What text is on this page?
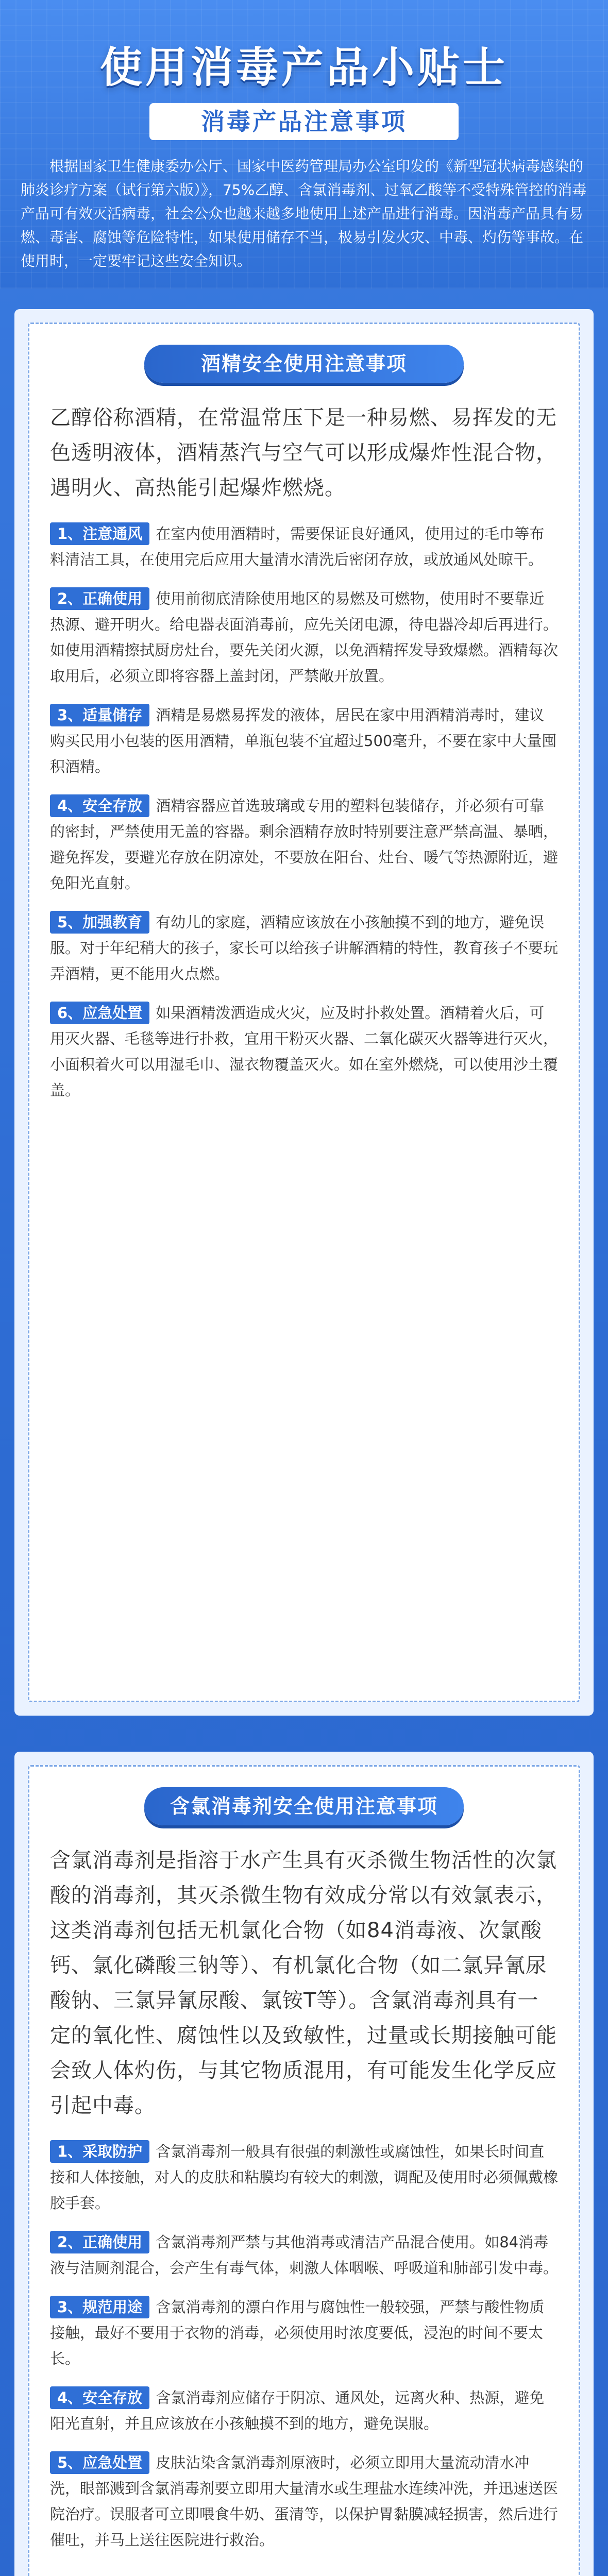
使用消毒产品小贴士
消毒产品注意事项
根据国家卫生健康委办公厅、国家中医药管理局办公室印发的《新型冠状病毒感染的肺炎诊疗方案（试行第六版）》，75%乙醇、含氯消毒剂、过氧乙酸等不受特殊管控的消毒产品可有效灭活病毒，社会公众也越来越多地使用上述产品进行消毒。因消毒产品具有易燃、毒害、腐蚀等危险特性，如果使用储存不当，极易引发火灾、中毒、灼伤等事故。在使用时，一定要牢记这些安全知识。
酒精安全使用注意事项
乙醇俗称酒精，在常温常压下是一种易燃、易挥发的无色透明液体，酒精蒸汽与空气可以形成爆炸性混合物，遇明火、高热能引起爆炸燃烧。
1、注意通风 在室内使用酒精时，需要保证良好通风，使用过的毛巾等布料清洁工具，在使用完后应用大量清水清洗后密闭存放，或放通风处晾干。
2、正确使用 使用前彻底清除使用地区的易燃及可燃物，使用时不要靠近热源、避开明火。给电器表面消毒前，应先关闭电源，待电器冷却后再进行。如使用酒精擦拭厨房灶台，要先关闭火源，以免酒精挥发导致爆燃。酒精每次取用后，必须立即将容器上盖封闭，严禁敞开放置。
3、适量储存 酒精是易燃易挥发的液体，居民在家中用酒精消毒时，建议购买民用小包装的医用酒精，单瓶包装不宜超过500毫升，不要在家中大量囤积酒精。
4、安全存放 酒精容器应首选玻璃或专用的塑料包装储存，并必须有可靠的密封，严禁使用无盖的容器。剩余酒精存放时特别要注意严禁高温、暴晒，避免挥发，要避光存放在阴凉处，不要放在阳台、灶台、暖气等热源附近，避免阳光直射。
5、加强教育 有幼儿的家庭，酒精应该放在小孩触摸不到的地方，避免误服。对于年纪稍大的孩子，家长可以给孩子讲解酒精的特性，教育孩子不要玩弄酒精，更不能用火点燃。
6、应急处置 如果酒精泼洒造成火灾，应及时扑救处置。酒精着火后，可用灭火器、毛毯等进行扑救，宜用干粉灭火器、二氧化碳灭火器等进行灭火，小面积着火可以用湿毛巾、湿衣物覆盖灭火。如在室外燃烧，可以使用沙土覆盖。
含氯消毒剂安全使用注意事项
含氯消毒剂是指溶于水产生具有灭杀微生物活性的次氯酸的消毒剂，其灭杀微生物有效成分常以有效氯表示，这类消毒剂包括无机氯化合物（如84消毒液、次氯酸钙、氯化磷酸三钠等）、有机氯化合物（如二氯异氰尿酸钠、三氯异氰尿酸、氯铵T等）。含氯消毒剂具有一定的氧化性、腐蚀性以及致敏性，过量或长期接触可能会致人体灼伤，与其它物质混用，有可能发生化学反应引起中毒。
1、采取防护 含氯消毒剂一般具有很强的刺激性或腐蚀性，如果长时间直接和人体接触，对人的皮肤和粘膜均有较大的刺激，调配及使用时必须佩戴橡胶手套。
2、正确使用 含氯消毒剂严禁与其他消毒或清洁产品混合使用。如84消毒液与洁厕剂混合，会产生有毒气体，刺激人体咽喉、呼吸道和肺部引发中毒。
3、规范用途 含氯消毒剂的漂白作用与腐蚀性一般较强，严禁与酸性物质接触，最好不要用于衣物的消毒，必须使用时浓度要低，浸泡的时间不要太长。
4、安全存放 含氯消毒剂应储存于阴凉、通风处，远离火种、热源，避免阳光直射，并且应该放在小孩触摸不到的地方，避免误服。
5、应急处置 皮肤沾染含氯消毒剂原液时，必须立即用大量流动清水冲洗，眼部溅到含氯消毒剂要立即用大量清水或生理盐水连续冲洗，并迅速送医院治疗。误服者可立即喂食牛奶、蛋清等，以保护胃黏膜减轻损害，然后进行催吐，并马上送往医院进行救治。
